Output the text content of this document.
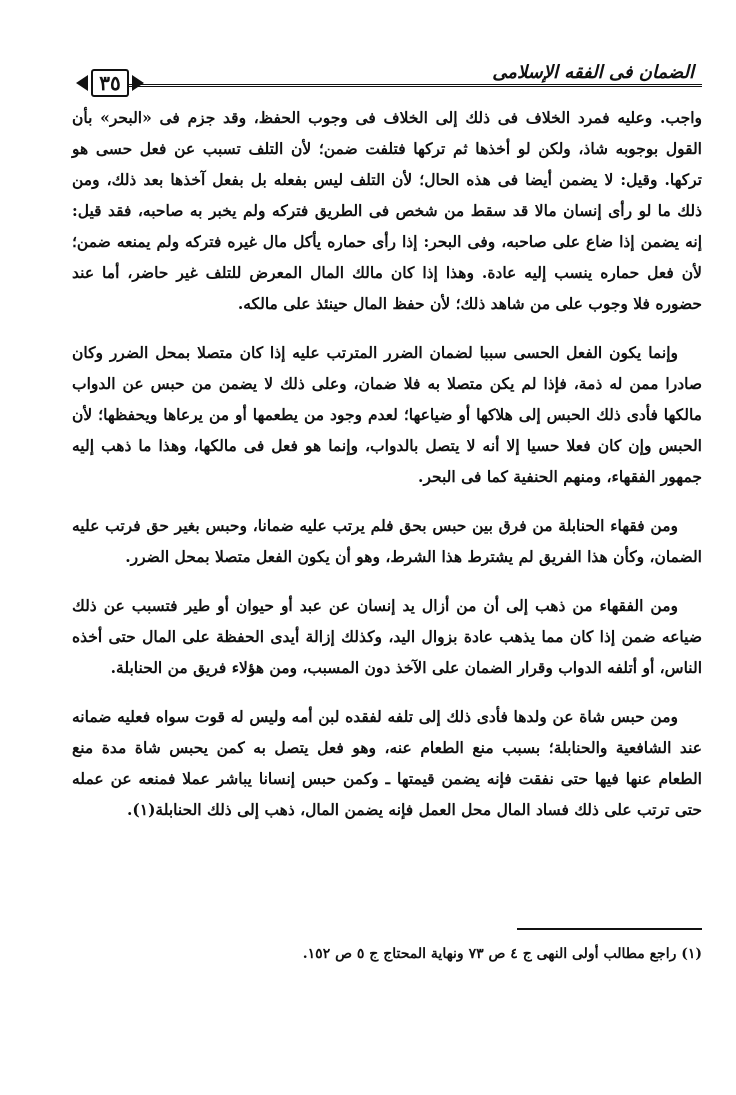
الضمان فى الفقه الإسلامى
٣٥

واجب. وعليه فمرد الخلاف فى ذلك إلى الخلاف فى وجوب الحفظ، وقد جزم فى «البحر» بأن القول بوجوبه شاذ، ولكن لو أخذها ثم تركها فتلفت ضمن؛ لأن التلف تسبب عن فعل حسى هو تركها. وقيل: لا يضمن أيضا فى هذه الحال؛ لأن التلف ليس بفعله بل بفعل آخذها بعد ذلك، ومن ذلك ما لو رأى إنسان مالا قد سقط من شخص فى الطريق فتركه ولم يخبر به صاحبه، فقد قيل: إنه يضمن إذا ضاع على صاحبه، وفى البحر: إذا رأى حماره يأكل مال غيره فتركه ولم يمنعه ضمن؛ لأن فعل حماره ينسب إليه عادة. وهذا إذا كان مالك المال المعرض للتلف غير حاضر، أما عند حضوره فلا وجوب على من شاهد ذلك؛ لأن حفظ المال حينئذ على مالكه.

وإنما يكون الفعل الحسى سببا لضمان الضرر المترتب عليه إذا كان متصلا بمحل الضرر وكان صادرا ممن له ذمة، فإذا لم يكن متصلا به فلا ضمان، وعلى ذلك لا يضمن من حبس عن الدواب مالكها فأدى ذلك الحبس إلى هلاكها أو ضياعها؛ لعدم وجود من يطعمها أو من يرعاها ويحفظها؛ لأن الحبس وإن كان فعلا حسيا إلا أنه لا يتصل بالدواب، وإنما هو فعل فى مالكها، وهذا ما ذهب إليه جمهور الفقهاء، ومنهم الحنفية كما فى البحر.

ومن فقهاء الحنابلة من فرق بين حبس بحق فلم يرتب عليه ضمانا، وحبس بغير حق فرتب عليه الضمان، وكأن هذا الفريق لم يشترط هذا الشرط، وهو أن يكون الفعل متصلا بمحل الضرر.

ومن الفقهاء من ذهب إلى أن من أزال يد إنسان عن عبد أو حيوان أو طير فتسبب عن ذلك ضياعه ضمن إذا كان مما يذهب عادة بزوال اليد، وكذلك إزالة أيدى الحفظة على المال حتى أخذه الناس، أو أتلفه الدواب وقرار الضمان على الآخذ دون المسبب، ومن هؤلاء فريق من الحنابلة.

ومن حبس شاة عن ولدها فأدى ذلك إلى تلفه لفقده لبن أمه وليس له قوت سواه فعليه ضمانه عند الشافعية والحنابلة؛ بسبب منع الطعام عنه، وهو فعل يتصل به كمن يحبس شاة مدة منع الطعام عنها فيها حتى نفقت فإنه يضمن قيمتها ـ وكمن حبس إنسانا يباشر عملا فمنعه عن عمله حتى ترتب على ذلك فساد المال محل العمل فإنه يضمن المال، ذهب إلى ذلك الحنابلة(١).

(١) راجع مطالب أولى النهى ج ٤ ص ٧٣ ونهاية المحتاج ج ٥ ص ١٥٢.
